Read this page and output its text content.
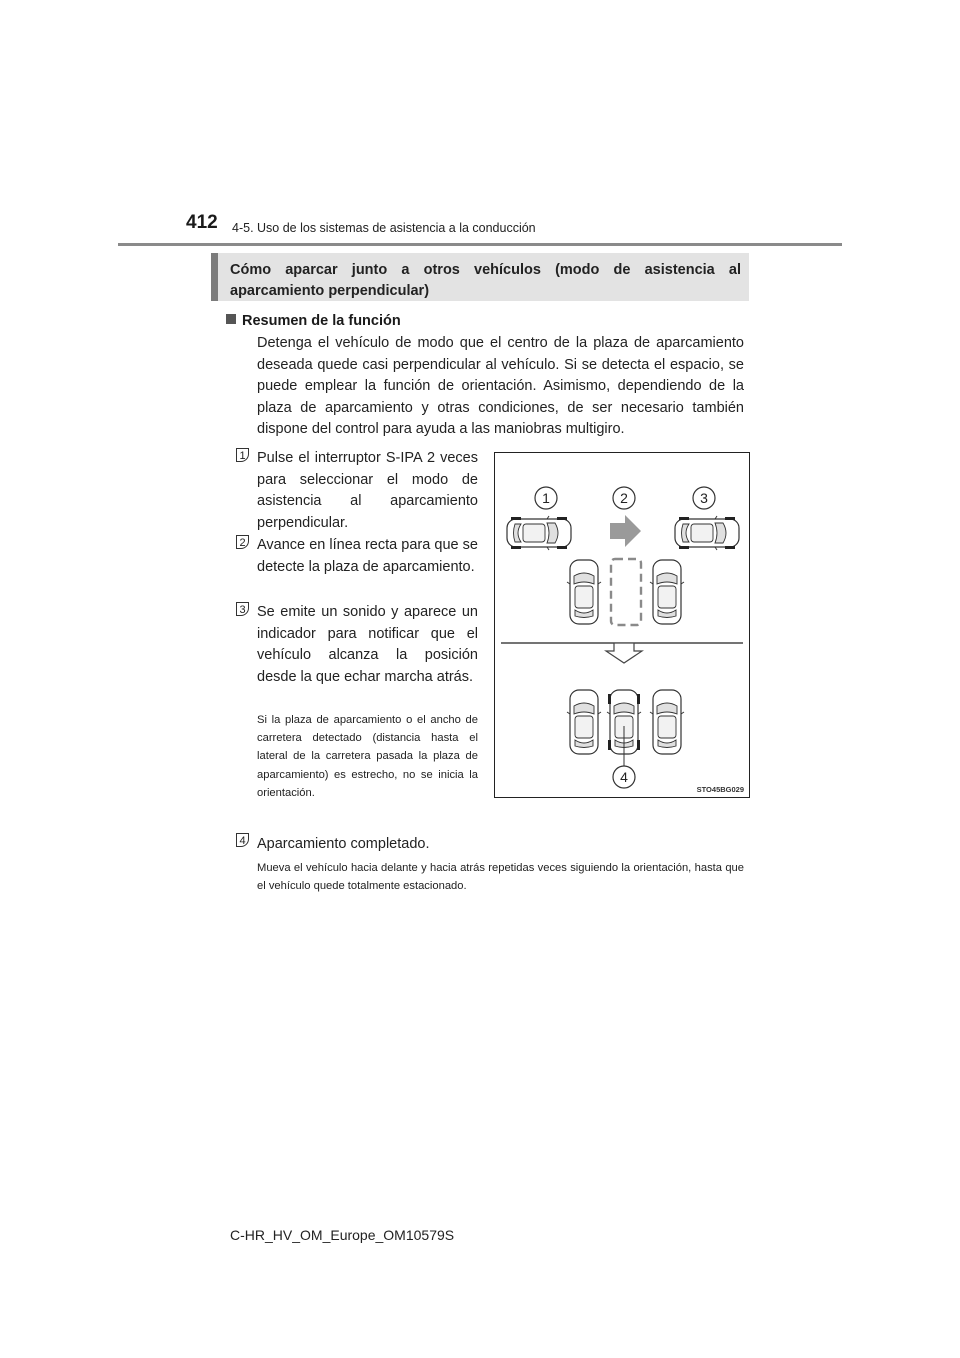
412 4-5. Uso de los sistemas de asistencia a la conducción
Cómo aparcar junto a otros vehículos (modo de asistencia al aparcamiento perpendicular)
Resumen de la función
Detenga el vehículo de modo que el centro de la plaza de aparcamiento deseada quede casi perpendicular al vehículo. Si se detecta el espacio, se puede emplear la función de orientación. Asimismo, dependiendo de la plaza de aparcamiento y otras condiciones, de ser necesario también dispone del control para ayuda a las maniobras multigiro.
1 Pulse el interruptor S-IPA 2 veces para seleccionar el modo de asistencia al aparcamiento perpendicular.
2 Avance en línea recta para que se detecte la plaza de aparcamiento.
3 Se emite un sonido y aparece un indicador para notificar que el vehículo alcanza la posición desde la que echar marcha atrás.
Si la plaza de aparcamiento o el ancho de carretera detectado (distancia hasta el lateral de la carretera pasada la plaza de aparcamiento) es estrecho, no se inicia la orientación.
4 Aparcamiento completado.
Mueva el vehículo hacia delante y hacia atrás repetidas veces siguiendo la orientación, hasta que el vehículo quede totalmente estacionado.
1	2	3
4
STO45BG029
C-HR_HV_OM_Europe_OM10579S
